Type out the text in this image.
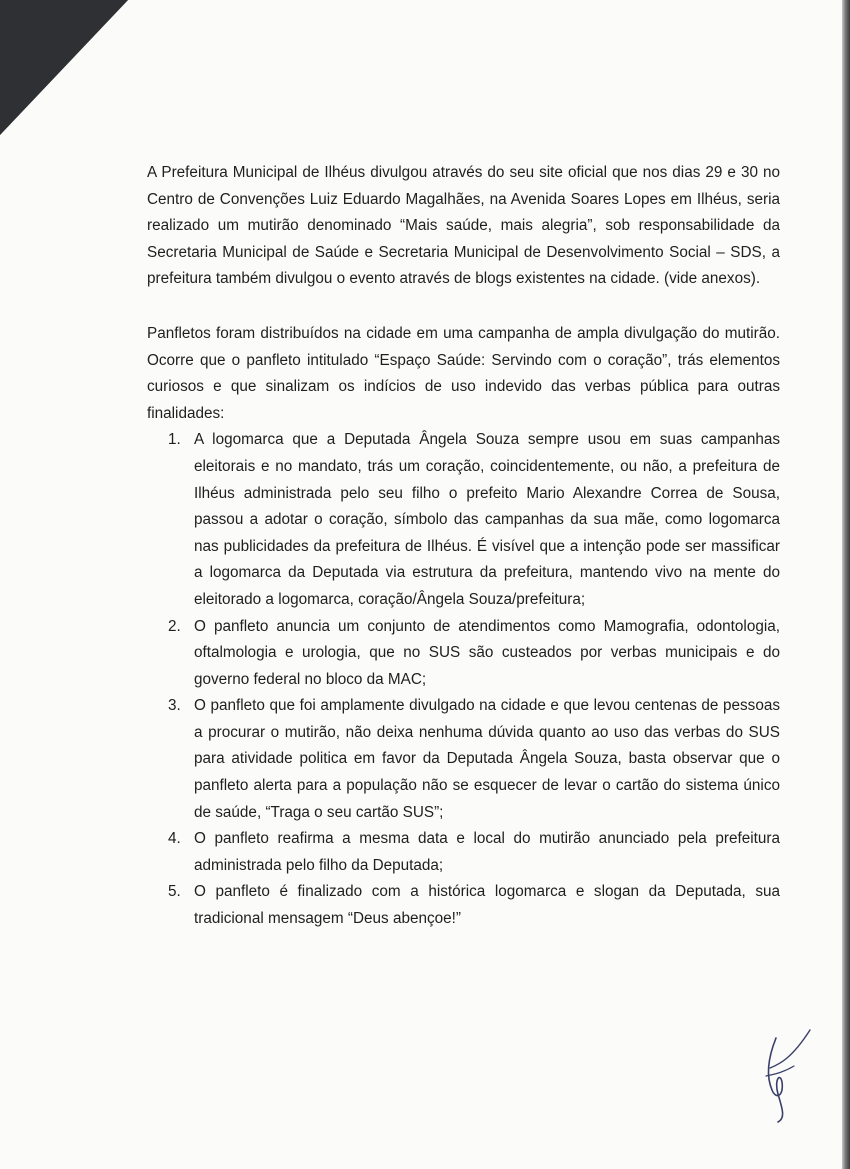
A Prefeitura Municipal de Ilhéus divulgou através do seu site oficial que nos dias 29 e 30 no Centro de Convenções Luiz Eduardo Magalhães, na Avenida Soares Lopes em Ilhéus, seria realizado um mutirão denominado “Mais saúde, mais alegria”, sob responsabilidade da Secretaria Municipal de Saúde e Secretaria Municipal de Desenvolvimento Social – SDS, a prefeitura também divulgou o evento através de blogs existentes na cidade. (vide anexos).

Panfletos foram distribuídos na cidade em uma campanha de ampla divulgação do mutirão. Ocorre que o panfleto intitulado “Espaço Saúde: Servindo com o coração”, trás elementos curiosos e que sinalizam os indícios de uso indevido das verbas pública para outras finalidades:

1. A logomarca que a Deputada Ângela Souza sempre usou em suas campanhas eleitorais e no mandato, trás um coração, coincidentemente, ou não, a prefeitura de Ilhéus administrada pelo seu filho o prefeito Mario Alexandre Correa de Sousa, passou a adotar o coração, símbolo das campanhas da sua mãe, como logomarca nas publicidades da prefeitura de Ilhéus. É visível que a intenção pode ser massificar a logomarca da Deputada via estrutura da prefeitura, mantendo vivo na mente do eleitorado a logomarca, coração/Ângela Souza/prefeitura;
2. O panfleto anuncia um conjunto de atendimentos como Mamografia, odontologia, oftalmologia e urologia, que no SUS são custeados por verbas municipais e do governo federal no bloco da MAC;
3. O panfleto que foi amplamente divulgado na cidade e que levou centenas de pessoas a procurar o mutirão, não deixa nenhuma dúvida quanto ao uso das verbas do SUS para atividade politica em favor da Deputada Ângela Souza, basta observar que o panfleto alerta para a população não se esquecer de levar o cartão do sistema único de saúde, “Traga o seu cartão SUS”;
4. O panfleto reafirma a mesma data e local do mutirão anunciado pela prefeitura administrada pelo filho da Deputada;
5. O panfleto é finalizado com a histórica logomarca e slogan da Deputada, sua tradicional mensagem “Deus abençoe!”
